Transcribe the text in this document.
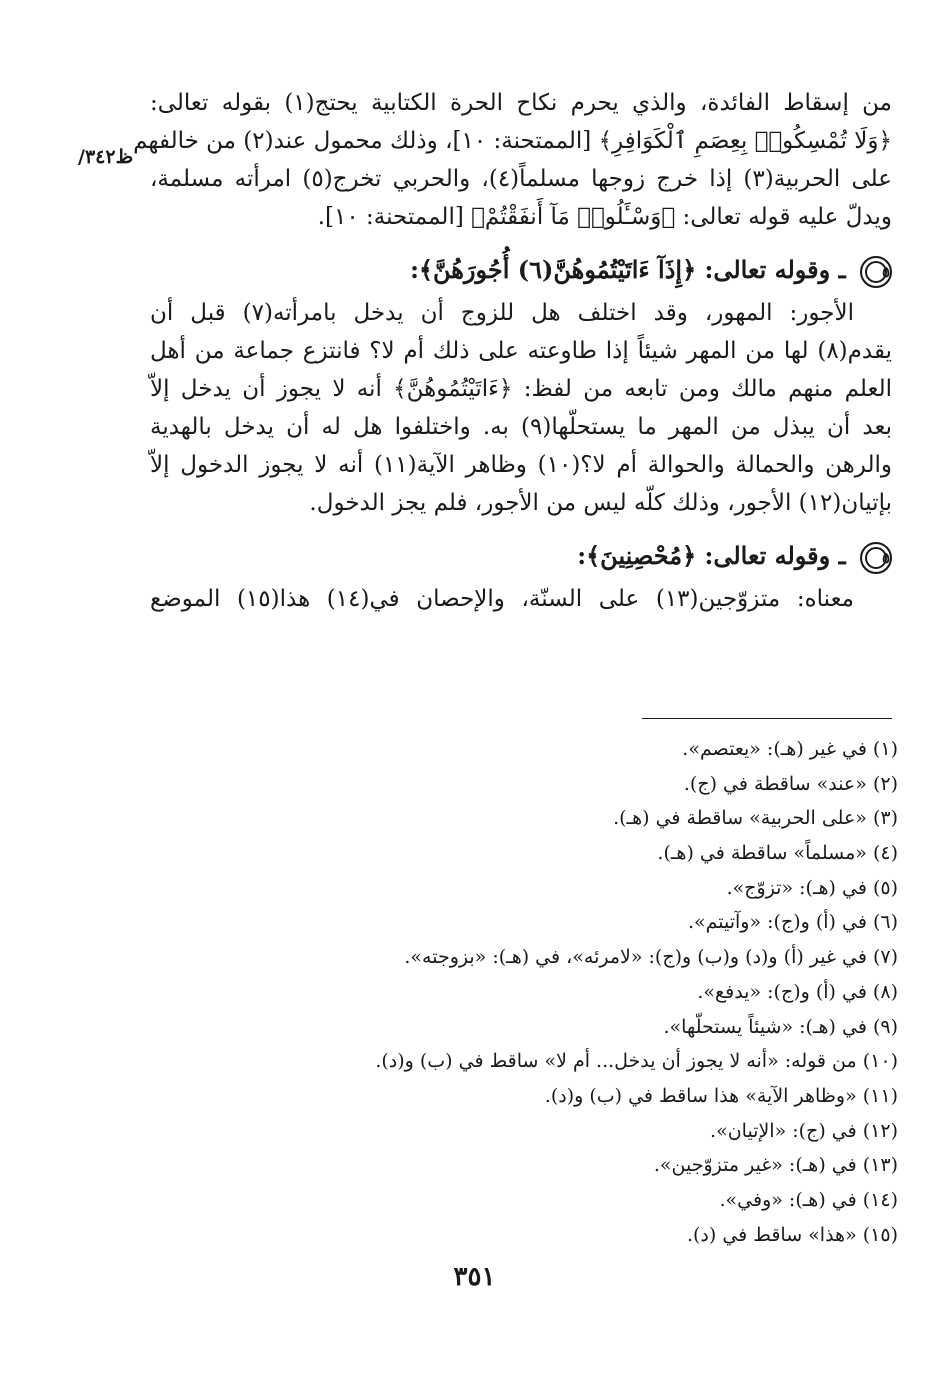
ظ٣٤٢/
من إسقاط الفائدة، والذي يحرم نكاح الحرة الكتابية يحتج(١) بقوله تعالى:
﴿وَلَا تُمْسِكُوا۟ بِعِصَمِ ٱلْكَوَافِرِ﴾ [الممتحنة: ١٠]، وذلك محمول عند(٢) من خالفهم
على الحربية(٣) إذا خرج زوجها مسلماً(٤)، والحربي تخرج(٥) امرأته مسلمة،
ويدلّ عليه قوله تعالى: ﴿وَسْـَٔلُوا۟ مَآ أَنفَقْتُمْ﴾ [الممتحنة: ١٠].
٥ ـ وقوله تعالى: ﴿إِذَآ ءَاتَيْتُمُوهُنَّ(٦) أُجُورَهُنَّ﴾:
الأجور: المهور، وقد اختلف هل للزوج أن يدخل بامرأته(٧) قبل أن
يقدم(٨) لها من المهر شيئاً إذا طاوعته على ذلك أم لا؟ فانتزع جماعة من أهل
العلم منهم مالك ومن تابعه من لفظ: ﴿ءَاتَيْتُمُوهُنَّ﴾ أنه لا يجوز أن يدخل إلاّ
بعد أن يبذل من المهر ما يستحلّها(٩) به. واختلفوا هل له أن يدخل بالهدية
والرهن والحمالة والحوالة أم لا؟(١٠) وظاهر الآية(١١) أنه لا يجوز الدخول إلاّ
بإتيان(١٢) الأجور، وذلك كلّه ليس من الأجور، فلم يجز الدخول.
٥ ـ وقوله تعالى: ﴿مُحْصِنِينَ﴾:
معناه: متزوّجين(١٣) على السنّة، والإحصان في(١٤) هذا(١٥) الموضع
(١) في غير (هـ): «يعتصم».
(٢) «عند» ساقطة في (ج).
(٣) «على الحربية» ساقطة في (هـ).
(٤) «مسلماً» ساقطة في (هـ).
(٥) في (هـ): «تزوّج».
(٦) في (أ) و(ج): «وآتيتم».
(٧) في غير (أ) و(د) و(ب) و(ج): «لامرئه»، في (هـ): «بزوجته».
(٨) في (أ) و(ج): «يدفع».
(٩) في (هـ): «شيئاً يستحلّها».
(١٠) من قوله: «أنه لا يجوز أن يدخل... أم لا» ساقط في (ب) و(د).
(١١) «وظاهر الآية» هذا ساقط في (ب) و(د).
(١٢) في (ج): «الإتيان».
(١٣) في (هـ): «غير متزوّجين».
(١٤) في (هـ): «وفي».
(١٥) «هذا» ساقط في (د).
٣٥١
